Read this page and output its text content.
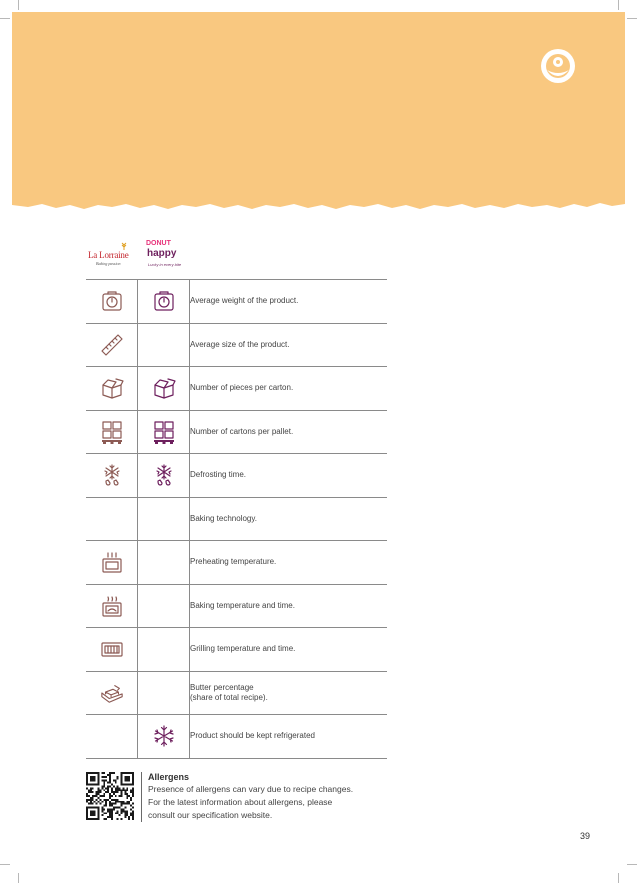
La Lorraine
Baking passion
DONUT
happy
Lucky in every bite
		Average weight of the product.
		Average size of the product.
		Number of pieces per carton.
		Number of cartons per pallet.
		Defrosting time.
		Baking technology.
		Preheating temperature.
		Baking temperature and time.
		Grilling temperature and time.
		Butter percentage
(share of total recipe).
		Product should be kept refrigerated
Allergens
Presence of allergens can vary due to recipe changes.
For the latest information about allergens, please
consult our specification website.
39
